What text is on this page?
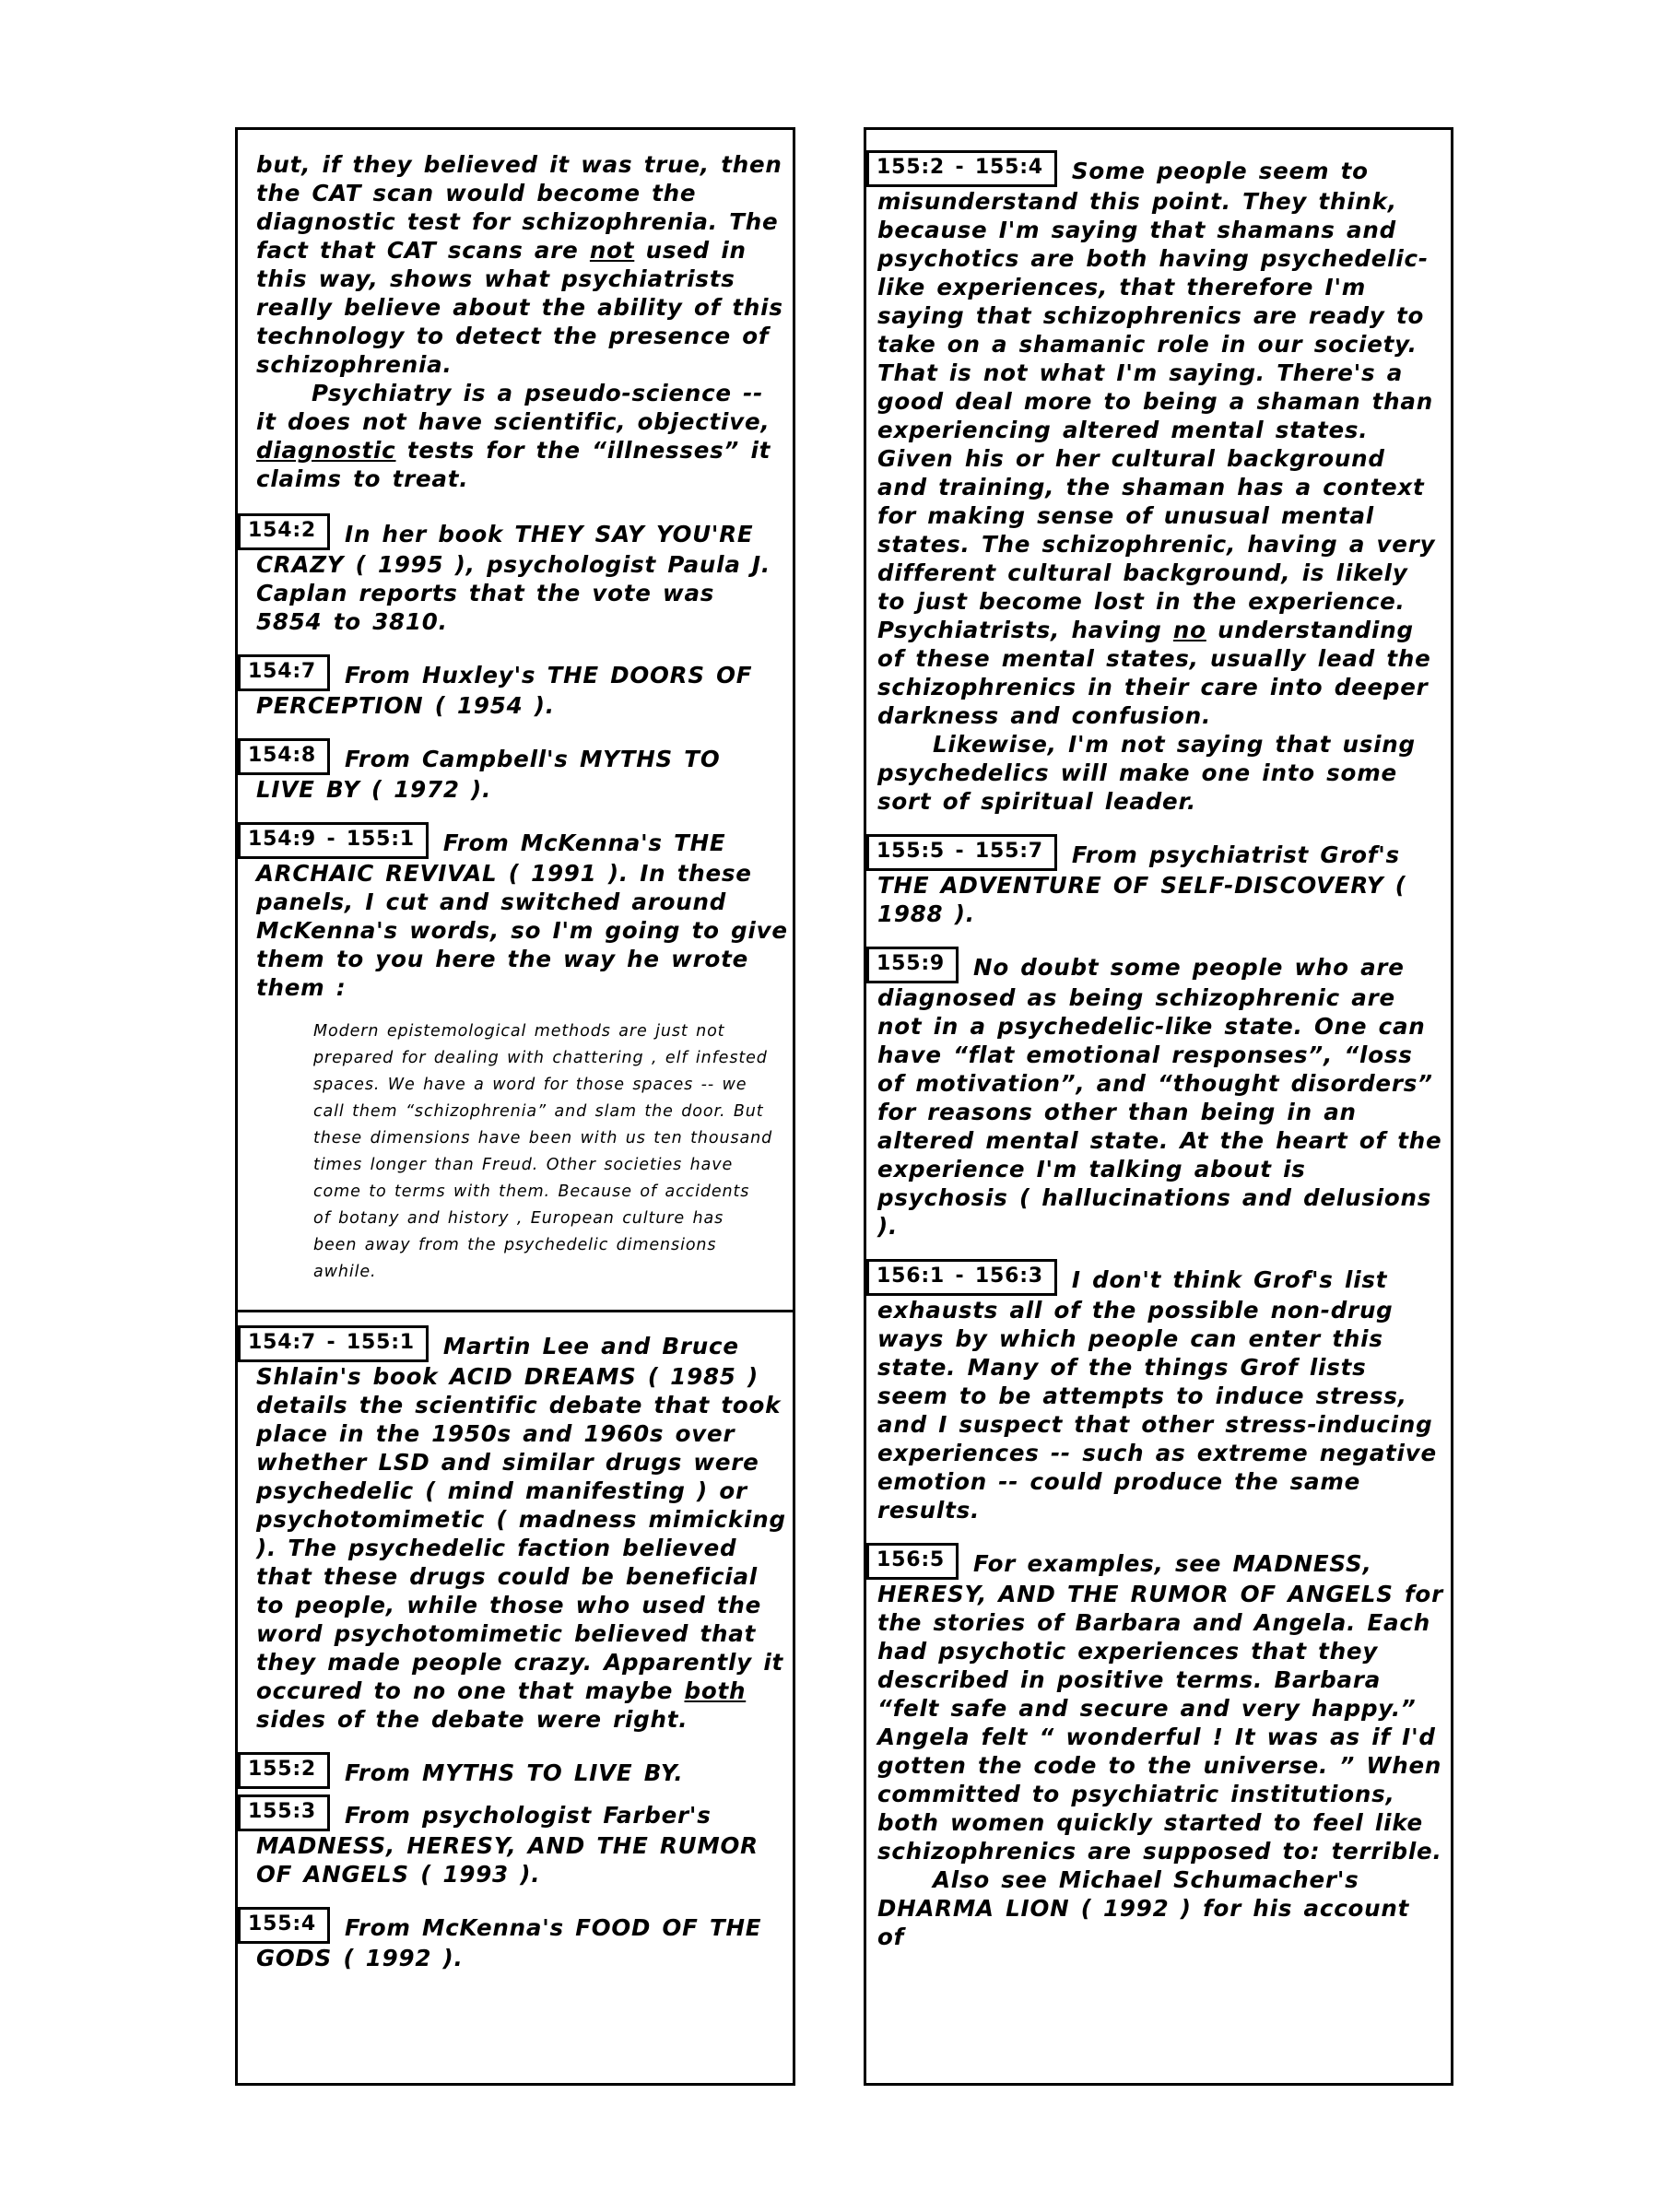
but, if they believed it was true, then the CAT scan would become the diagnostic test for schizophrenia. The fact that CAT scans are not used in this way, shows what psychiatrists really believe about the ability of this technology to detect the presence of schizophrenia.

Psychiatry is a pseudo-science -- it does not have scientific, objective, diagnostic tests for the “illnesses” it claims to treat.

154:2 In her book THEY SAY YOU'RE CRAZY ( 1995 ), psychologist Paula J. Caplan reports that the vote was 5854 to 3810.

154:7 From Huxley's THE DOORS OF PERCEPTION ( 1954 ).

154:8 From Campbell's MYTHS TO LIVE BY ( 1972 ).

154:9 - 155:1 From McKenna's THE ARCHAIC REVIVAL ( 1991 ). In these panels, I cut and switched around McKenna's words, so I'm going to give them to you here the way he wrote them :

Modern epistemological methods are just not prepared for dealing with chattering , elf infested spaces. We have a word for those spaces -- we call them “schizophrenia” and slam the door. But these dimensions have been with us ten thousand times longer than Freud. Other societies have come to terms with them. Because of accidents of botany and history , European culture has been away from the psychedelic dimensions awhile.

154:7 - 155:1 Martin Lee and Bruce Shlain's book ACID DREAMS ( 1985 ) details the scientific debate that took place in the 1950s and 1960s over whether LSD and similar drugs were psychedelic ( mind manifesting ) or psychotomimetic ( madness mimicking ). The psychedelic faction believed that these drugs could be beneficial to people, while those who used the word psychotomimetic believed that they made people crazy. Apparently it occured to no one that maybe both sides of the debate were right.

155:2 From MYTHS TO LIVE BY.

155:3 From psychologist Farber's MADNESS, HERESY, AND THE RUMOR OF ANGELS ( 1993 ).

155:4 From McKenna's FOOD OF THE GODS ( 1992 ).

155:2 - 155:4 Some people seem to misunderstand this point. They think, because I'm saying that shamans and psychotics are both having psychedelic-like experiences, that therefore I'm saying that schizophrenics are ready to take on a shamanic role in our society. That is not what I'm saying. There's a good deal more to being a shaman than experiencing altered mental states. Given his or her cultural background and training, the shaman has a context for making sense of unusual mental states. The schizophrenic, having a very different cultural background, is likely to just become lost in the experience. Psychiatrists, having no understanding of these mental states, usually lead the schizophrenics in their care into deeper darkness and confusion.

Likewise, I'm not saying that using psychedelics will make one into some sort of spiritual leader.

155:5 - 155:7 From psychiatrist Grof's THE ADVENTURE OF SELF-DISCOVERY ( 1988 ).

155:9 No doubt some people who are diagnosed as being schizophrenic are not in a psychedelic-like state. One can have “flat emotional responses”, “loss of motivation”, and “thought disorders” for reasons other than being in an altered mental state. At the heart of the experience I'm talking about is psychosis ( hallucinations and delusions ).

156:1 - 156:3 I don't think Grof's list exhausts all of the possible non-drug ways by which people can enter this state. Many of the things Grof lists seem to be attempts to induce stress, and I suspect that other stress-inducing experiences -- such as extreme negative emotion -- could produce the same results.

156:5 For examples, see MADNESS, HERESY, AND THE RUMOR OF ANGELS for the stories of Barbara and Angela. Each had psychotic experiences that they described in positive terms. Barbara “felt safe and secure and very happy.” Angela felt “ wonderful ! It was as if I'd gotten the code to the universe. ” When committed to psychiatric institutions, both women quickly started to feel like schizophrenics are supposed to: terrible.

Also see Michael Schumacher's DHARMA LION ( 1992 ) for his account of
